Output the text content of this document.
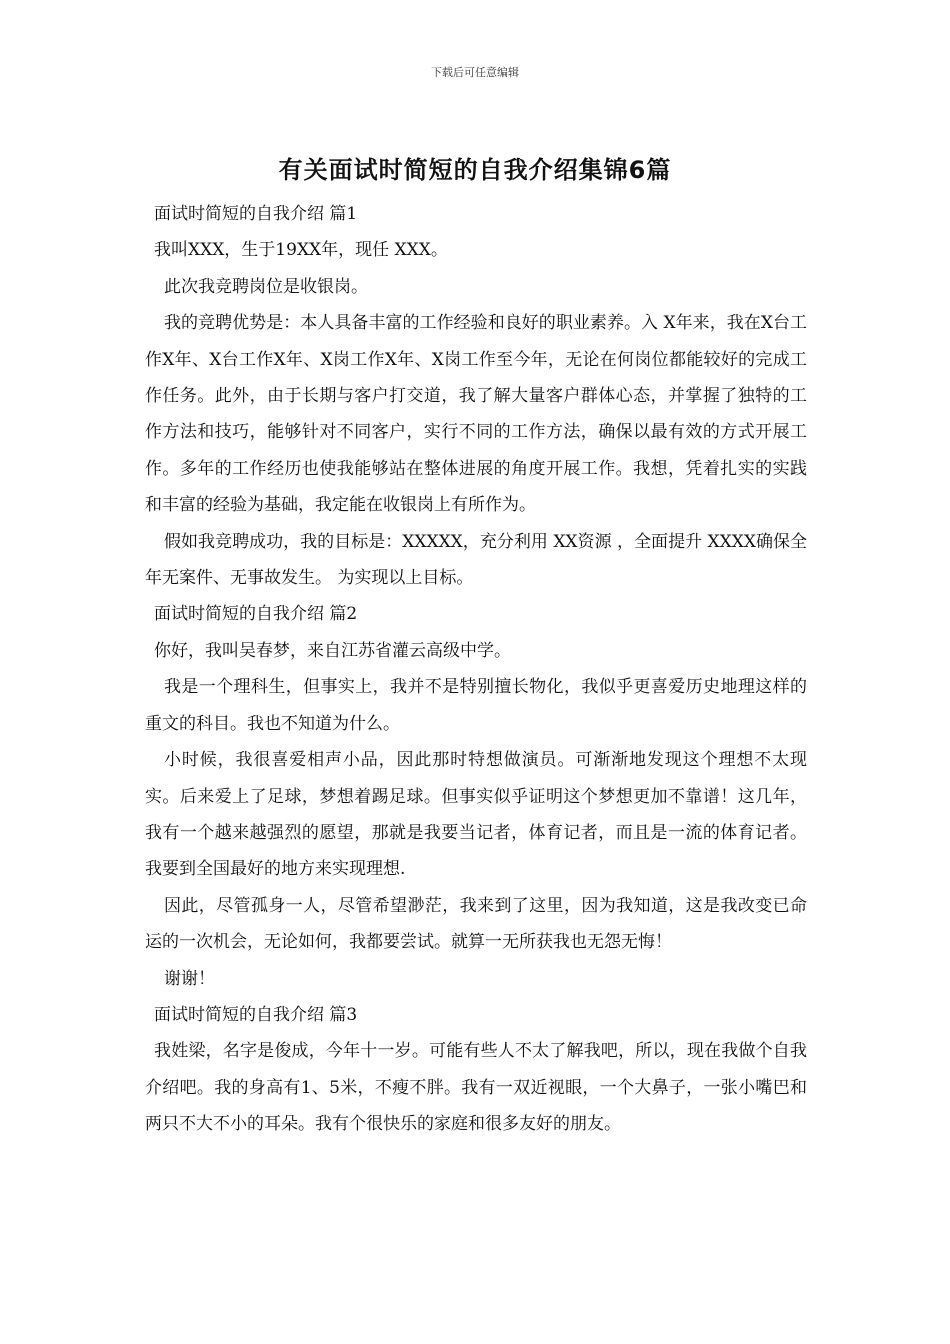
下载后可任意编辑
有关面试时简短的自我介绍集锦6篇

面试时简短的自我介绍 篇1

我叫XXX，生于19XX年，现任 XXX。

此次我竞聘岗位是收银岗。

我的竞聘优势是：本人具备丰富的工作经验和良好的职业素养。入 X年来，我在X台工作X年、X台工作X年、X岗工作X年、X岗工作至今年，无论在何岗位都能较好的完成工作任务。此外，由于长期与客户打交道，我了解大量客户群体心态，并掌握了独特的工作方法和技巧，能够针对不同客户，实行不同的工作方法，确保以最有效的方式开展工作。多年的工作经历也使我能够站在整体进展的角度开展工作。我想，凭着扎实的实践和丰富的经验为基础，我定能在收银岗上有所作为。

假如我竞聘成功，我的目标是：XXXXX，充分利用 XX资源 ，全面提升 XXXX确保全年无案件、无事故发生。 为实现以上目标。

面试时简短的自我介绍 篇2

你好，我叫吴春梦，来自江苏省灌云高级中学。

我是一个理科生，但事实上，我并不是特别擅长物化，我似乎更喜爱历史地理这样的重文的科目。我也不知道为什么。

小时候，我很喜爱相声小品，因此那时特想做演员。可渐渐地发现这个理想不太现实。后来爱上了足球，梦想着踢足球。但事实似乎证明这个梦想更加不靠谱！这几年，我有一个越来越强烈的愿望，那就是我要当记者，体育记者，而且是一流的体育记者。我要到全国最好的地方来实现理想.

因此，尽管孤身一人，尽管希望渺茫，我来到了这里，因为我知道，这是我改变已命运的一次机会，无论如何，我都要尝试。就算一无所获我也无怨无悔！

谢谢！

面试时简短的自我介绍 篇3

我姓梁，名字是俊成，今年十一岁。可能有些人不太了解我吧，所以，现在我做个自我介绍吧。我的身高有1、5米，不瘦不胖。我有一双近视眼，一个大鼻子，一张小嘴巴和两只不大不小的耳朵。我有个很快乐的家庭和很多友好的朋友。
